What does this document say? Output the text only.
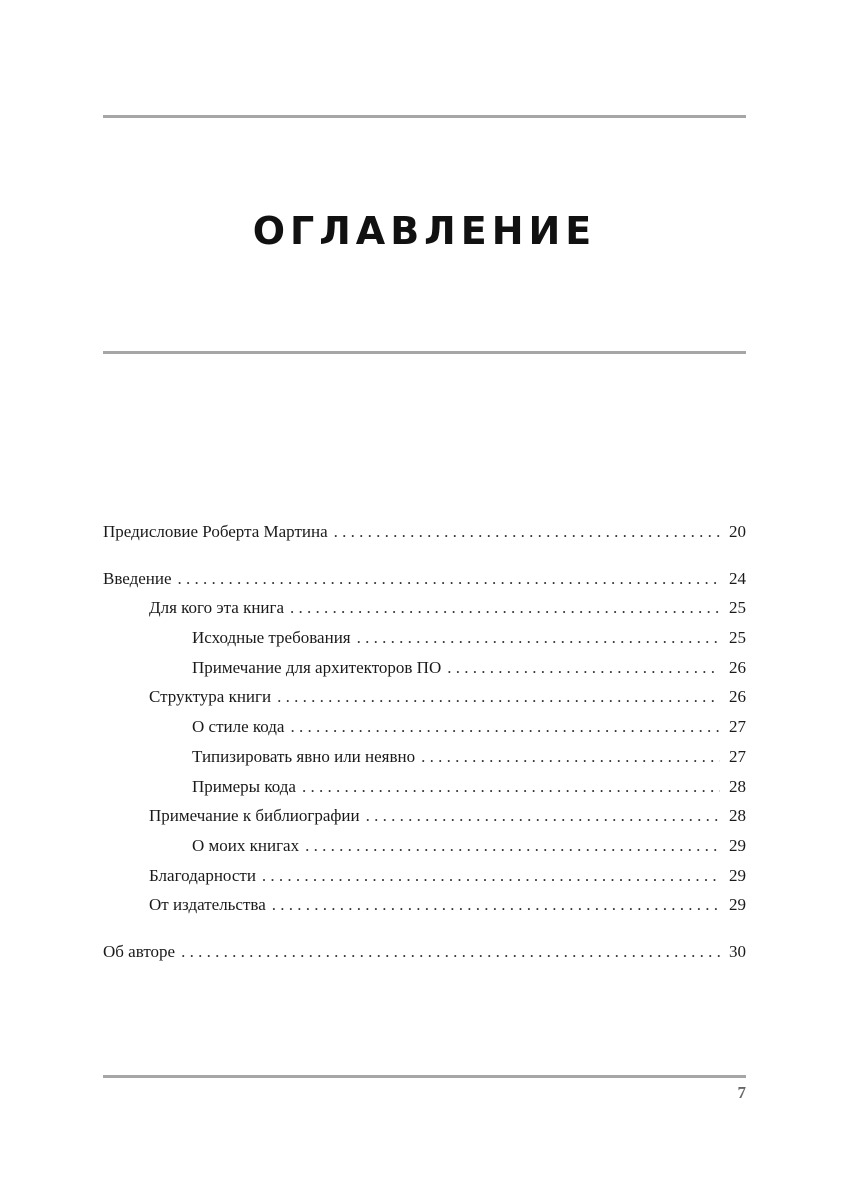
ОГЛАВЛЕНИЕ
Предисловие Роберта Мартина . . .	20
Введение . . .	24
Для кого эта книга . . .	25
Исходные требования . . .	25
Примечание для архитекторов ПО . . .	26
Структура книги . . .	26
О стиле кода . . .	27
Типизировать явно или неявно . . .	27
Примеры кода . . .	28
Примечание к библиографии . . .	28
О моих книгах . . .	29
Благодарности . . .	29
От издательства . . .	29
Об авторе . . .	30
7
